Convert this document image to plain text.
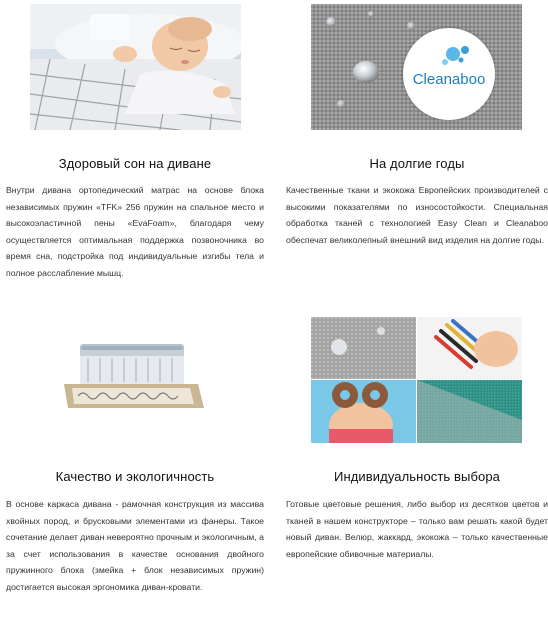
Здоровый сон на диване
Внутри дивана ортопедический матрас на основе блока независимых пружин «TFK» 256 пружин на спальное место и высокоэластичной пены «EvaFoam», благодаря чему осуществляется оптимальная поддержка позвоночника во время сна, подстройка под индивидуальные изгибы тела и полное расслабление мышц.
Cleanaboo
На долгие годы
Качественные ткани и экокожа Европейских производителей с высокими показателями по износостойкости. Специальная обработка тканей с технологией Easy Clean и Cleanaboo обеспечат великолепный внешний вид изделия на долгие годы.
Качество и экологичность
В основе каркаса дивана - рамочная конструкция из массива хвойных пород, и брусковыми элементами из фанеры. Такое сочетание делает диван невероятно прочным и экологичным, а за счет использования в качестве основания двойного пружинного блока (змейка + блок независимых пружин) достигается высокая эргономика диван-кровати.
Индивидуальность выбора
Готовые цветовые решения, либо выбор из десятков цветов и тканей в нашем конструкторе – только вам решать какой будет новый диван. Велюр, жаккард, экокожа – только качественные европейские обивочные материалы.
